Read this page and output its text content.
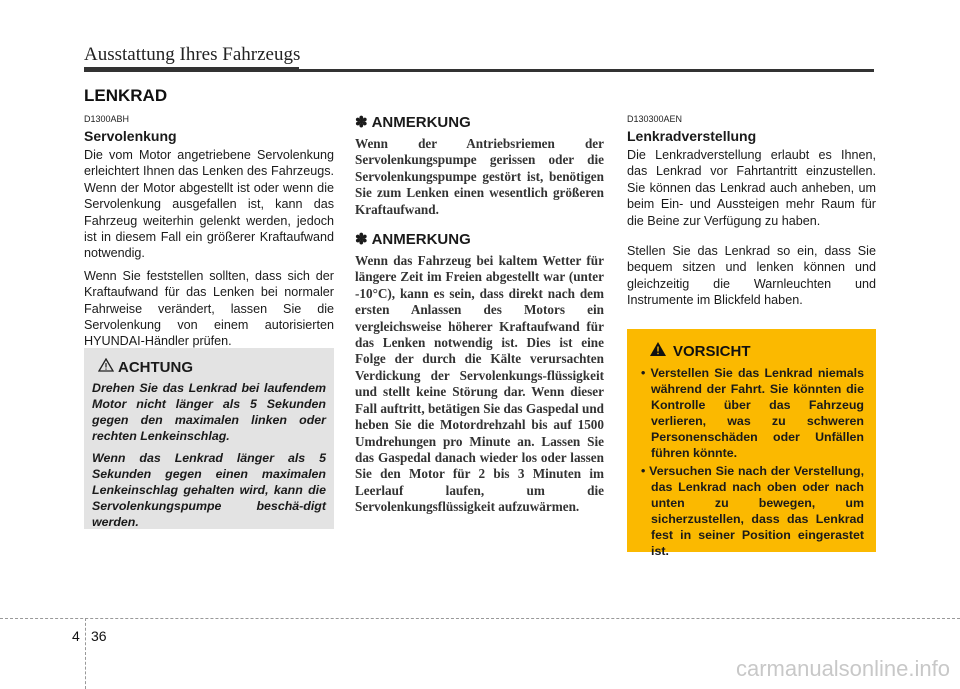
Ausstattung Ihres Fahrzeugs
LENKRAD
D1300ABH
Servolenkung

Die vom Motor angetriebene Servolenkung erleichtert Ihnen das Lenken des Fahrzeugs. Wenn der Motor abgestellt ist oder wenn die Servolenkung ausgefallen ist, kann das Fahrzeug weiterhin gelenkt werden, jedoch ist in diesem Fall ein größerer Kraftaufwand notwendig.

Wenn Sie feststellen sollten, dass sich der Kraftaufwand für das Lenken bei normaler Fahrweise verändert, lassen Sie die Servolenkung von einem autorisierten HYUNDAI-Händler prüfen.

ACHTUNG

Drehen Sie das Lenkrad bei laufendem Motor nicht länger als 5 Sekunden gegen den maximalen linken oder rechten Lenkeinschlag.

Wenn das Lenkrad länger als 5 Sekunden gegen einen maximalen Lenkeinschlag gehalten wird, kann die Servolenkungspumpe beschä-digt werden.

✽ ANMERKUNG

Wenn der Antriebsriemen der Servolenkungspumpe gerissen oder die Servolenkungspumpe gestört ist, benötigen Sie zum Lenken einen wesentlich größeren Kraftaufwand.

✽ ANMERKUNG

Wenn das Fahrzeug bei kaltem Wetter für längere Zeit im Freien abgestellt war (unter -10°C), kann es sein, dass direkt nach dem ersten Anlassen des Motors ein vergleichsweise höherer Kraftaufwand für das Lenken notwendig ist. Dies ist eine Folge der durch die Kälte verursachten Verdickung der Servolenkungs-flüssigkeit und stellt keine Störung dar. Wenn dieser Fall auftritt, betätigen Sie das Gaspedal und heben Sie die Motordrehzahl bis auf 1500 Umdrehungen pro Minute an. Lassen Sie das Gaspedal danach wieder los oder lassen Sie den Motor für 2 bis 3 Minuten im Leerlauf laufen, um die Servolenkungsflüssigkeit aufzuwärmen.

D130300AEN
Lenkradverstellung

Die Lenkradverstellung erlaubt es Ihnen, das Lenkrad vor Fahrtantritt einzustellen. Sie können das Lenkrad auch anheben, um beim Ein- und Aussteigen mehr Raum für die Beine zur Verfügung zu haben.

Stellen Sie das Lenkrad so ein, dass Sie bequem sitzen und lenken können und gleichzeitig die Warnleuchten und Instrumente im Blickfeld haben.

VORSICHT
• Verstellen Sie das Lenkrad niemals während der Fahrt. Sie könnten die Kontrolle über das Fahrzeug verlieren, was zu schweren Personenschäden oder Unfällen führen könnte.
• Versuchen Sie nach der Verstellung, das Lenkrad nach oben oder nach unten zu bewegen, um sicherzustellen, dass das Lenkrad fest in seiner Position eingerastet ist.
4 36
carmanualsonline.info
